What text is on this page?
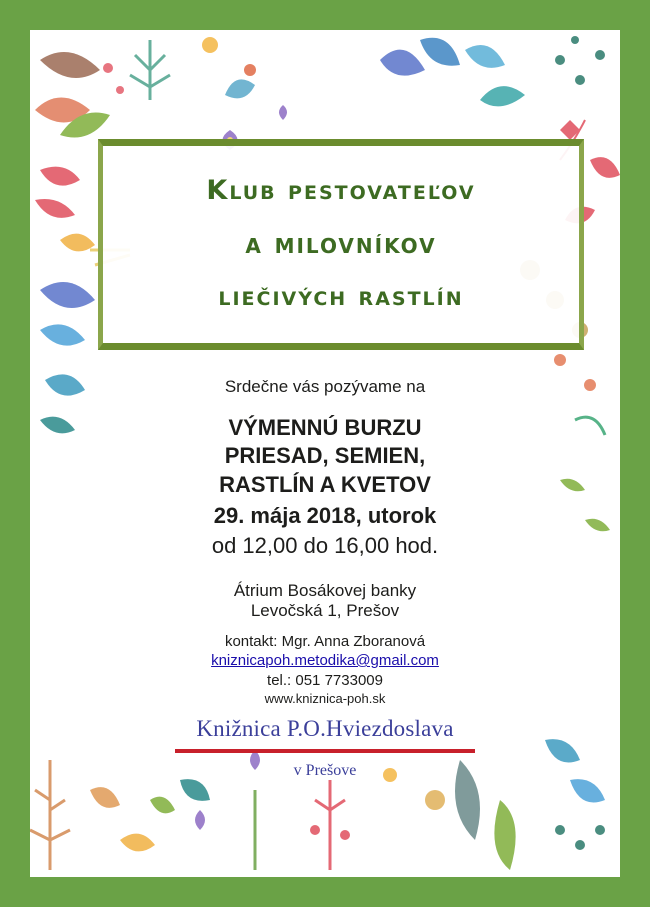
Klub pestovateľov
a milovníkov
liečivých rastlín
Srdečne vás pozývame na
VÝMENNÚ BURZU
PRIESAD, SEMIEN,
RASTLÍN A KVETOV
29. mája 2018, utorok
od 12,00 do 16,00 hod.
Átrium Bosákovej banky
Levočská 1, Prešov
kontakt: Mgr. Anna Zboranová
kniznicapoh.metodika@gmail.com
tel.: 051 7733009
www.kniznica-poh.sk
Knižnica P.O.Hviezdoslava
v Prešove
